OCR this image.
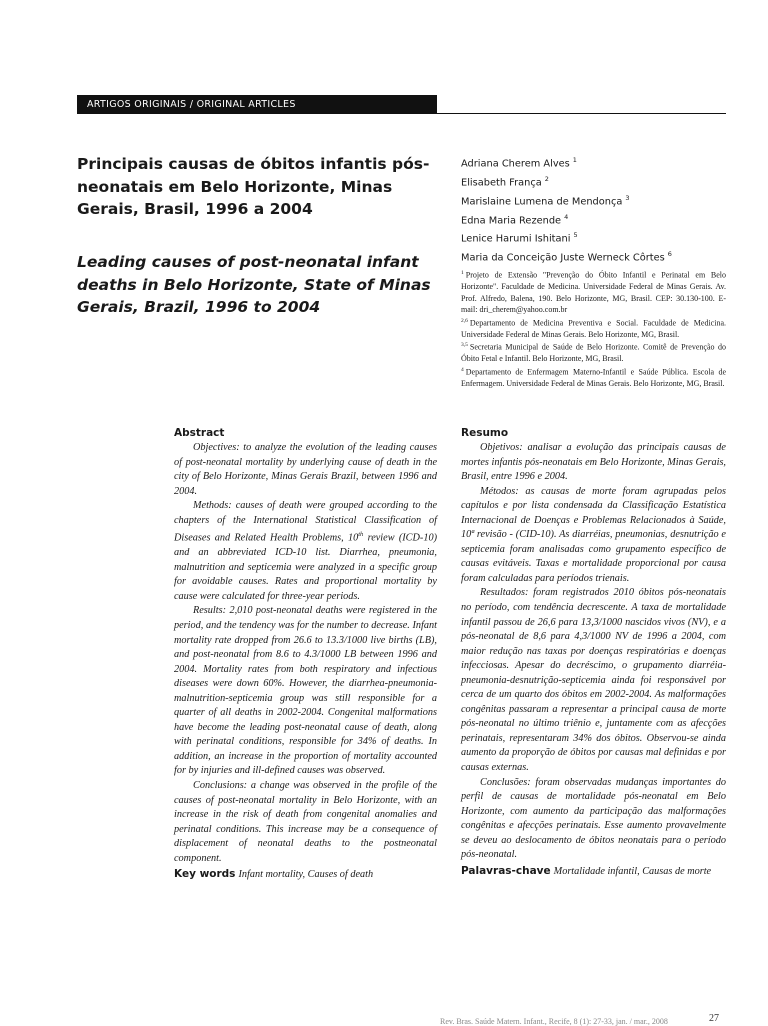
ARTIGOS ORIGINAIS / ORIGINAL ARTICLES
Principais causas de óbitos infantis pós-neonatais em Belo Horizonte, Minas Gerais, Brasil, 1996 a 2004
Leading causes of post-neonatal infant deaths in Belo Horizonte, State of Minas Gerais, Brazil, 1996 to 2004
Adriana Cherem Alves $^1$
Elisabeth França $^2$
Marislaine Lumena de Mendonça $^3$
Edna Maria Rezende $^4$
Lenice Harumi Ishitani $^5$
Maria da Conceição Juste Werneck Côrtes $^6$

$^1$ Projeto de Extensão "Prevenção do Óbito Infantil e Perinatal em Belo Horizonte". Faculdade de Medicina. Universidade Federal de Minas Gerais. Av. Prof. Alfredo, Balena, 190. Belo Horizonte, MG, Brasil. CEP: 30.130-100. E-mail: dri_cherem@yahoo.com.br

$^{2,6}$ Departamento de Medicina Preventiva e Social. Faculdade de Medicina. Universidade Federal de Minas Gerais. Belo Horizonte, MG, Brasil.

$^{3,5}$ Secretaria Municipal de Saúde de Belo Horizonte. Comitê de Prevenção do Óbito Fetal e Infantil. Belo Horizonte, MG, Brasil.

$^4$ Departamento de Enfermagem Materno-Infantil e Saúde Pública. Escola de Enfermagem. Universidade Federal de Minas Gerais. Belo Horizonte, MG, Brasil.

Abstract

Objectives: to analyze the evolution of the leading causes of post-neonatal mortality by underlying cause of death in the city of Belo Horizonte, Minas Gerais Brazil, between 1996 and 2004.

Methods: causes of death were grouped according to the chapters of the International Statistical Classification of Diseases and Related Health Problems, 10th review (ICD-10) and an abbreviated ICD-10 list. Diarrhea, pneumonia, malnutrition and septicemia were analyzed in a specific group for avoidable causes. Rates and proportional mortality by cause were calculated for three-year periods.

Results: 2,010 post-neonatal deaths were registered in the period, and the tendency was for the number to decrease. Infant mortality rate dropped from 26.6 to 13.3/1000 live births (LB), and post-neonatal from 8.6 to 4.3/1000 LB between 1996 and 2004. Mortality rates from both respiratory and infectious diseases were down 60%. However, the diarrhea-pneumonia-malnutrition-septicemia group was still responsible for a quarter of all deaths in 2002-2004. Congenital malformations have become the leading post-neonatal cause of death, along with perinatal conditions, responsible for 34% of deaths. In addition, an increase in the proportion of mortality accounted for by injuries and ill-defined causes was observed.

Conclusions: a change was observed in the profile of the causes of post-neonatal mortality in Belo Horizonte, with an increase in the risk of death from congenital anomalies and perinatal conditions. This increase may be a consequence of displacement of neonatal deaths to the postneonatal component.

Key words Infant mortality, Causes of death
Resumo

Objetivos: analisar a evolução das principais causas de mortes infantis pós-neonatais em Belo Horizonte, Minas Gerais, Brasil, entre 1996 e 2004.

Métodos: as causas de morte foram agrupadas pelos capítulos e por lista condensada da Classificação Estatística Internacional de Doenças e Problemas Relacionados à Saúde, 10ª revisão - (CID-10). As diarréias, pneumonias, desnutrição e septicemia foram analisadas como grupamento específico de causas evitáveis. Taxas e mortalidade proporcional por causa foram calculadas para períodos trienais.

Resultados: foram registrados 2010 óbitos pós-neonatais no período, com tendência decrescente. A taxa de mortalidade infantil passou de 26,6 para 13,3/1000 nascidos vivos (NV), e a pós-neonatal de 8,6 para 4,3/1000 NV de 1996 a 2004, com maior redução nas taxas por doenças respiratórias e doenças infecciosas. Apesar do decréscimo, o grupamento diarréia-pneumonia-desnutrição-septicemia ainda foi responsável por cerca de um quarto dos óbitos em 2002-2004. As malformações congênitas passaram a representar a principal causa de morte pós-neonatal no último triênio e, juntamente com as afecções perinatais, representaram 34% dos óbitos. Observou-se ainda aumento da proporção de óbitos por causas mal definidas e por causas externas.

Conclusões: foram observadas mudanças importantes do perfil de causas de mortalidade pós-neonatal em Belo Horizonte, com aumento da participação das malformações congênitas e afecções perinatais. Esse aumento provavelmente se deveu ao deslocamento de óbitos neonatais para o período pós-neonatal.

Palavras-chave Mortalidade infantil, Causas de morte
Rev. Bras. Saúde Matern. Infant., Recife, 8 (1): 27-33, jan. / mar., 2008	27
